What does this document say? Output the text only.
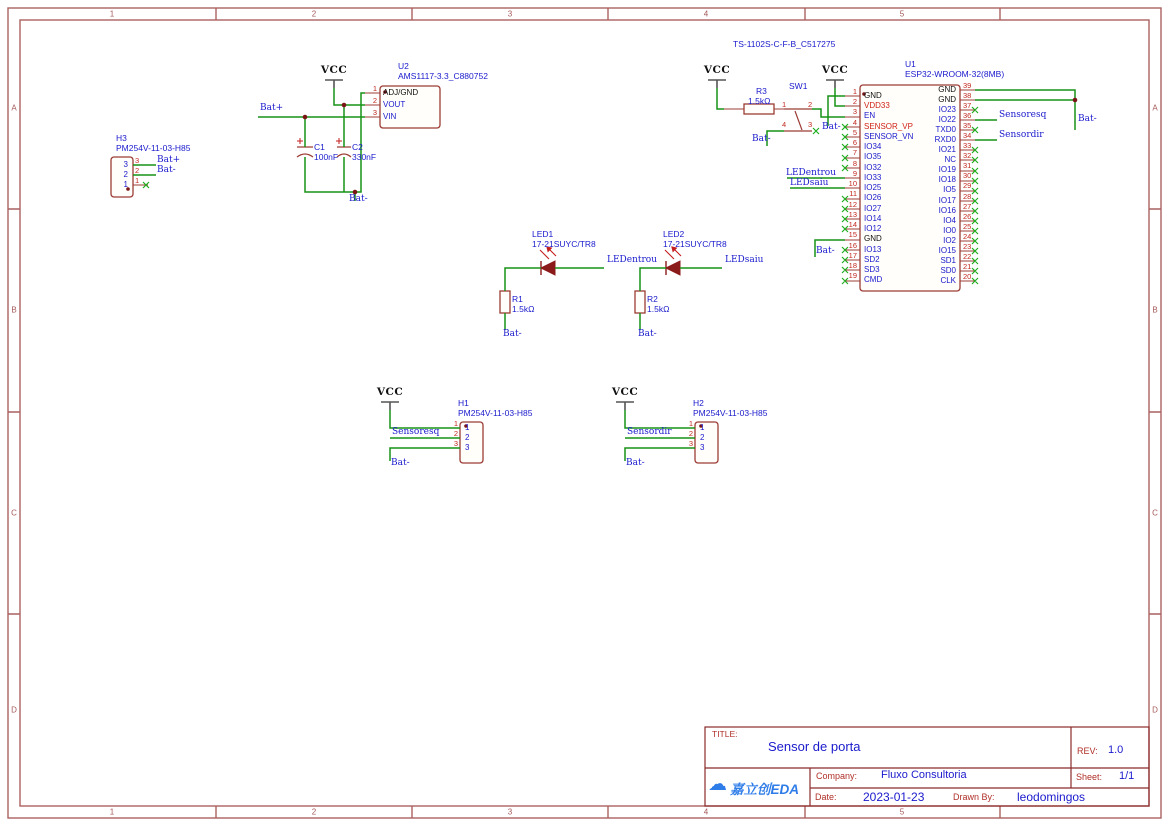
1	2	3	4	5
1	2	3	4	5
A
B
C
D
A
B
C
D
U1
ESP32-WROOM-32(8MB)
U2
AMS1117-3.3_C880752
H3
PM254V-11-03-H85
H1
PM254V-11-03-H85
H2
PM254V-11-03-H85
R1
1.5kΩ
R2
1.5kΩ
R3
1.5kΩ
C1
100nF
C2
330nF
LED1
17-21SUYC/TR8
LED2
17-21SUYC/TR8
SW1
TS-1102S-C-F-B_C517275
1	2
4	3
GND
VDD33
EN
SENSOR_VP
SENSOR_VN
IO34
IO35
IO32
IO33
IO25
IO26
IO27
IO14
IO12
GND
IO13
SD2
SD3
CMD
1
2
3
4
5
6
7
8
9
10
11
12
13
14
15
16
17
18
19
GND
GND
IO23
IO22
TXD0
RXD0
IO21
NC
IO19
IO18
IO5
IO17
IO16
IO4
IO0
IO2
IO15
SD1
SD0
CLK
39
38
37
36
35
34
33
32
31
30
29
28
27
26
25
24
23
22
21
20
ADJ/GND
VOUT
VIN
1
2
3
3
2
1
3
2
1
1
2
3
1
2
3
1
2
3
1
2
3
VCC	VCC
VCC
VCC	VCC
Bat+
Bat+
Bat-
Bat-
Bat-	Bat-
Bat-
Bat-
Bat-
Bat-
Bat-	Bat-
LEDentrou
LEDentrou
LEDsaiu
LEDsaiu
Sensoresq
Sensoresq
Sensordir
Sensordir
TITLE:
Sensor de porta	REV: 1.0
Company: Fluxo Consultoria	Sheet: 1/1
Date: 2023-01-23	Drawn By: leodomingos
☁ 嘉立创EDA
